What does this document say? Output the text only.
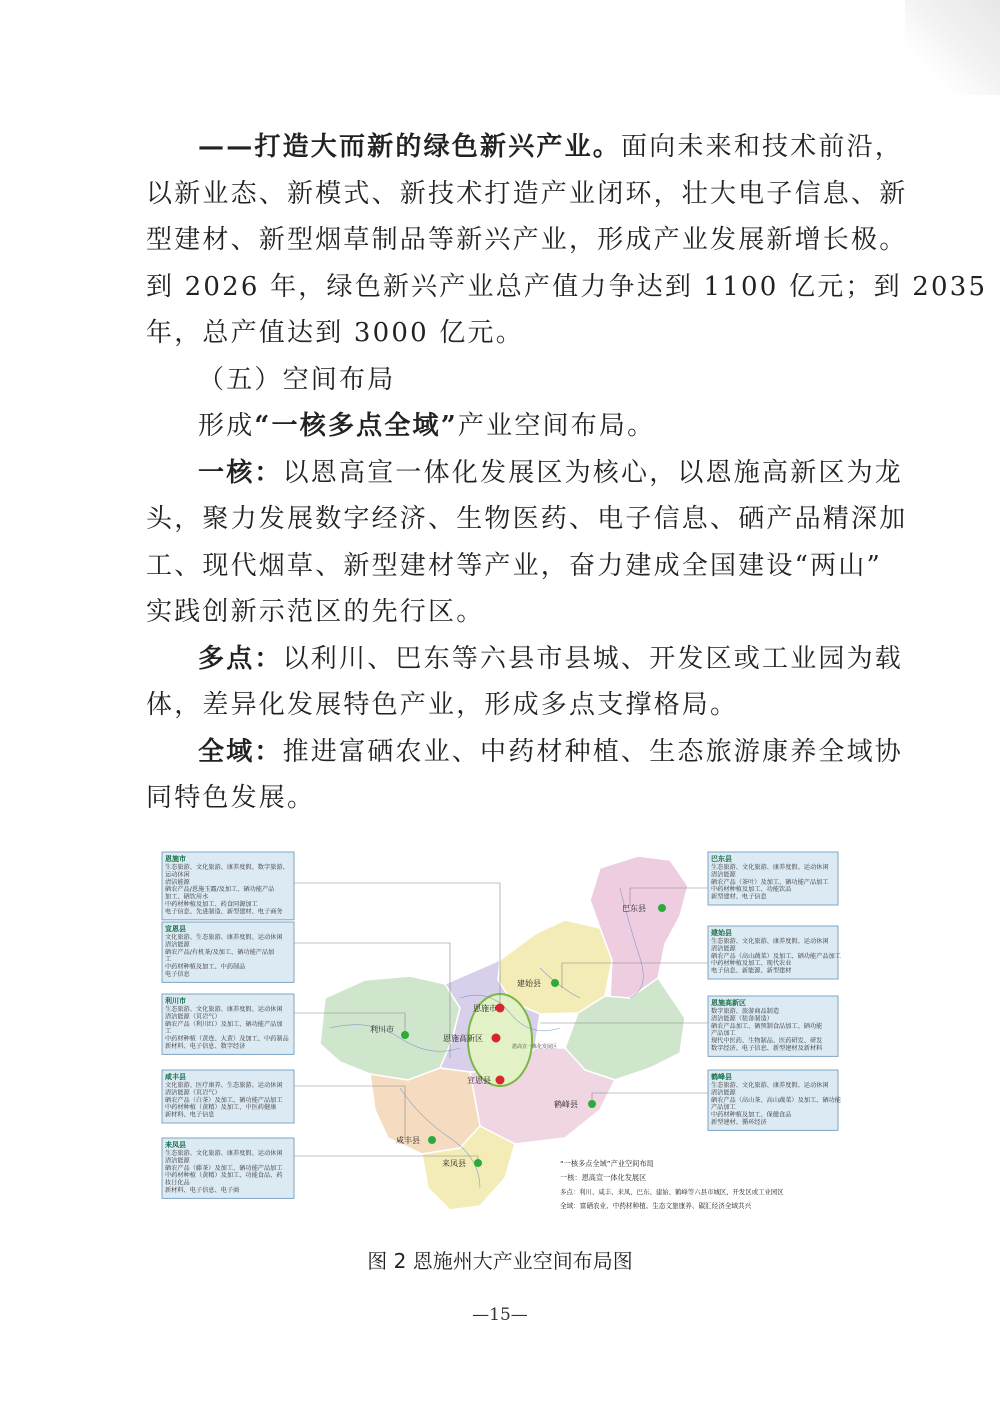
——打造大而新的绿色新兴产业。面向未来和技术前沿，
以新业态、新模式、新技术打造产业闭环，壮大电子信息、新
型建材、新型烟草制品等新兴产业，形成产业发展新增长极。
到 2026 年，绿色新兴产业总产值力争达到 1100 亿元；到 2035
年，总产值达到 3000 亿元。
（五）空间布局
形成“一核多点全域”产业空间布局。
一核：以恩高宣一体化发展区为核心，以恩施高新区为龙
头，聚力发展数字经济、生物医药、电子信息、硒产品精深加
工、现代烟草、新型建材等产业，奋力建成全国建设“两山”
实践创新示范区的先行区。
多点：以利川、巴东等六县市县城、开发区或工业园为载
体，差异化发展特色产业，形成多点支撑格局。
全域：推进富硒农业、中药材种植、生态旅游康养全域协
同特色发展。
恩施市
生态旅游、文化旅游、康养度假、数字旅游、
运动休闲
清洁能源
硒农产品/恩施玉露/及加工、硒功能产品
加工、硒饮用水
中药材种植及加工、药食同源加工
电子信息、先进制造、新型建材、电子商务
宣恩县
文化旅游、生态旅游、康养度假、运动休闲
清洁能源
硒农产品/有机茶/及加工、硒功能产品加
工
中药材种植及加工、中药制品
电子信息
利川市
生态旅游、文化旅游、康养度假、运动休闲
清洁能源（页岩气）
硒农产品（利川红）及加工、硒功能产品加
工
中药材种植（黄连、大黄）及加工、中药制品
新材料、电子信息、数字经济
咸丰县
文化旅游、医疗康养、生态旅游、运动休闲
清洁能源（页岩气）
硒农产品（白茶）及加工、硒功能产品加工
中药材种植（黄精）及加工、中医药健康
新材料、电子信息
来凤县
生态旅游、文化旅游、康养度假、运动休闲
清洁能源
硒农产品（藤茶）及加工、硒功能产品加工
中药材种植（黄精）及加工、功能食品、药
妆日化品
新材料、电子信息、电子商
巴东县
生态旅游、文化旅游、康养度假、运动休闲
清洁能源
硒农产品（茶叶）及加工、硒功能产品加工
中药材种植及加工、功能饮品
新型建材、电子信息
建始县
生态旅游、文化旅游、康养度假、运动休闲
清洁能源
硒农产品（高山蔬菜）及加工、硒功能产品加工
中药材种植及加工、现代农业
电子信息、新能源、新型建材
恩施高新区
数字旅游、旅游商品制造
清洁能源（装备制造）
硒农产品加工、硒预制食品加工、硒功能
产品加工
现代中医药、生物制品、医药研发、研发
数字经济、电子信息、新型建材及新材料
鹤峰县
生态旅游、文化旅游、康养度假、运动休闲
清洁能源
硒农产品（高山茶、高山蔬菜）及加工、硒功能
产品加工
中药材种植及加工、保健食品
新型建材、循环经济
恩施市
恩施高新区
宣恩县
利川市
建始县
巴东县
鹤峰县
咸丰县
来凤县
恩高宣一体化发展区
“一核多点全域”产业空间布局
一核：恩高宣一体化发展区
多点：利川、咸丰、来凤、巴东、建始、鹤峰等六县市城区、开发区或工业园区
全域：富硒农业、中药材种植、生态文旅康养、碳汇经济全域共兴
图 2 恩施州大产业空间布局图
—15—
